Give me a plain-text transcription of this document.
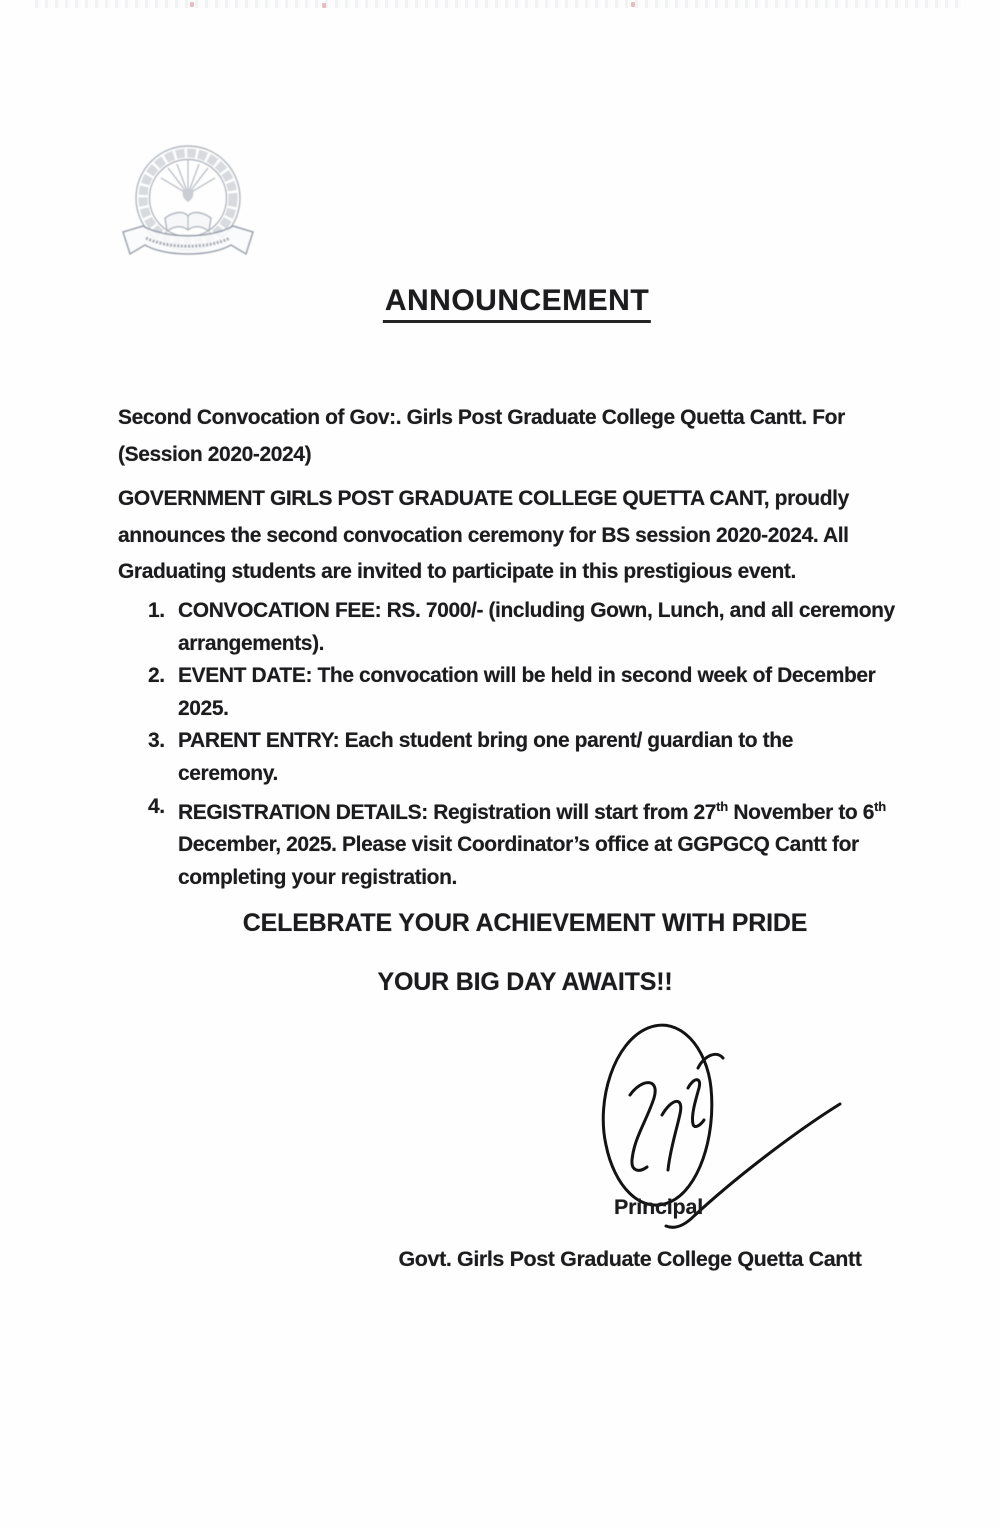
ANNOUNCEMENT
Second Convocation of Gov:. Girls Post Graduate College Quetta Cantt. For
(Session 2020-2024)
GOVERNMENT GIRLS POST GRADUATE COLLEGE QUETTA CANT, proudly
announces the second convocation ceremony for BS session 2020-2024. All
Graduating students are invited to participate in this prestigious event.
1. CONVOCATION FEE: RS. 7000/- (including Gown, Lunch, and all ceremony
arrangements).
2. EVENT DATE: The convocation will be held in second week of December
2025.
3. PARENT ENTRY: Each student bring one parent/ guardian to the
ceremony.
4. REGISTRATION DETAILS: Registration will start from 27th November to 6th
December, 2025. Please visit Coordinator’s office at GGPGCQ Cantt for
completing your registration.
CELEBRATE YOUR ACHIEVEMENT WITH PRIDE
YOUR BIG DAY AWAITS!!
Principal
Govt. Girls Post Graduate College Quetta Cantt
